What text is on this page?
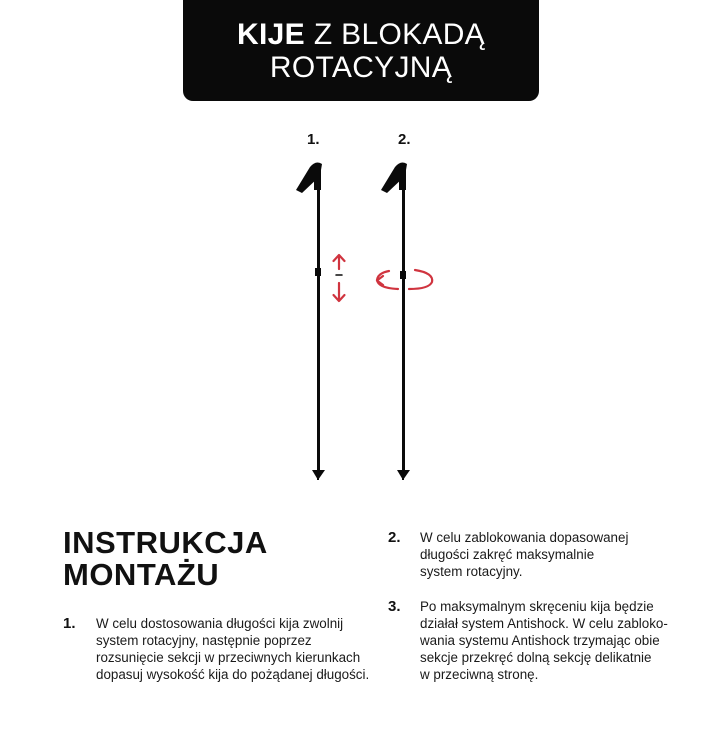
KIJE Z BLOKADĄ
ROTACYJNĄ
1.	2.
INSTRUKCJA
MONTAŻU
1. W celu dostosowania długości kija zwolnij
system rotacyjny, następnie poprzez
rozsunięcie sekcji w przeciwnych kierunkach
dopasuj wysokość kija do pożądanej długości.
2. W celu zablokowania dopasowanej
długości zakręć maksymalnie
system rotacyjny.
3. Po maksymalnym skręceniu kija będzie
działał system Antishock. W celu zabloko-
wania systemu Antishock trzymając obie
sekcje przekręć dolną sekcję delikatnie
w przeciwną stronę.
